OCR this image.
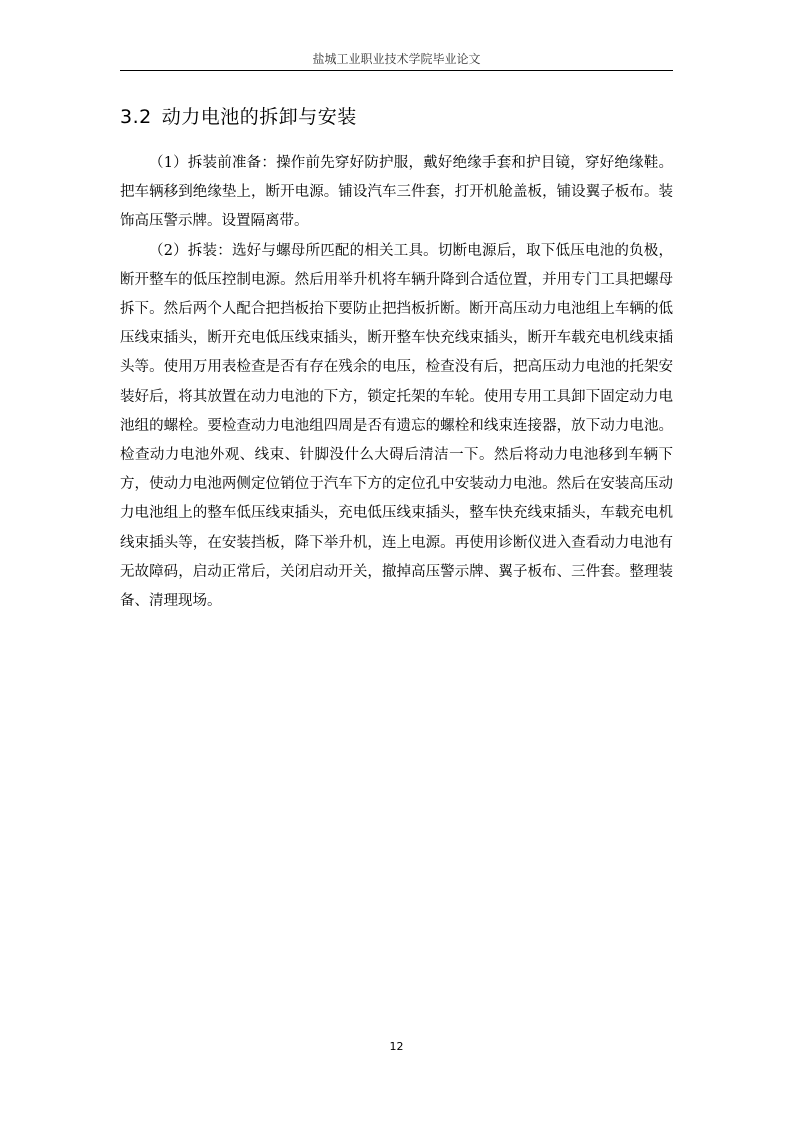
盐城工业职业技术学院毕业论文
3.2 动力电池的拆卸与安装

（1）拆装前准备：操作前先穿好防护服，戴好绝缘手套和护目镜，穿好绝缘鞋。把车辆移到绝缘垫上，断开电源。铺设汽车三件套，打开机舱盖板，铺设翼子板布。装饰高压警示牌。设置隔离带。

（2）拆装：选好与螺母所匹配的相关工具。切断电源后，取下低压电池的负极，断开整车的低压控制电源。然后用举升机将车辆升降到合适位置，并用专门工具把螺母拆下。然后两个人配合把挡板抬下要防止把挡板折断。断开高压动力电池组上车辆的低压线束插头，断开充电低压线束插头，断开整车快充线束插头，断开车载充电机线束插头等。使用万用表检查是否有存在残余的电压，检查没有后，把高压动力电池的托架安装好后，将其放置在动力电池的下方，锁定托架的车轮。使用专用工具卸下固定动力电池组的螺栓。要检查动力电池组四周是否有遗忘的螺栓和线束连接器，放下动力电池。检查动力电池外观、线束、针脚没什么大碍后清洁一下。然后将动力电池移到车辆下方，使动力电池两侧定位销位于汽车下方的定位孔中安装动力电池。然后在安装高压动力电池组上的整车低压线束插头，充电低压线束插头，整车快充线束插头，车载充电机线束插头等，在安装挡板，降下举升机，连上电源。再使用诊断仪进入查看动力电池有无故障码，启动正常后，关闭启动开关，撤掉高压警示牌、翼子板布、三件套。整理装备、清理现场。

12
